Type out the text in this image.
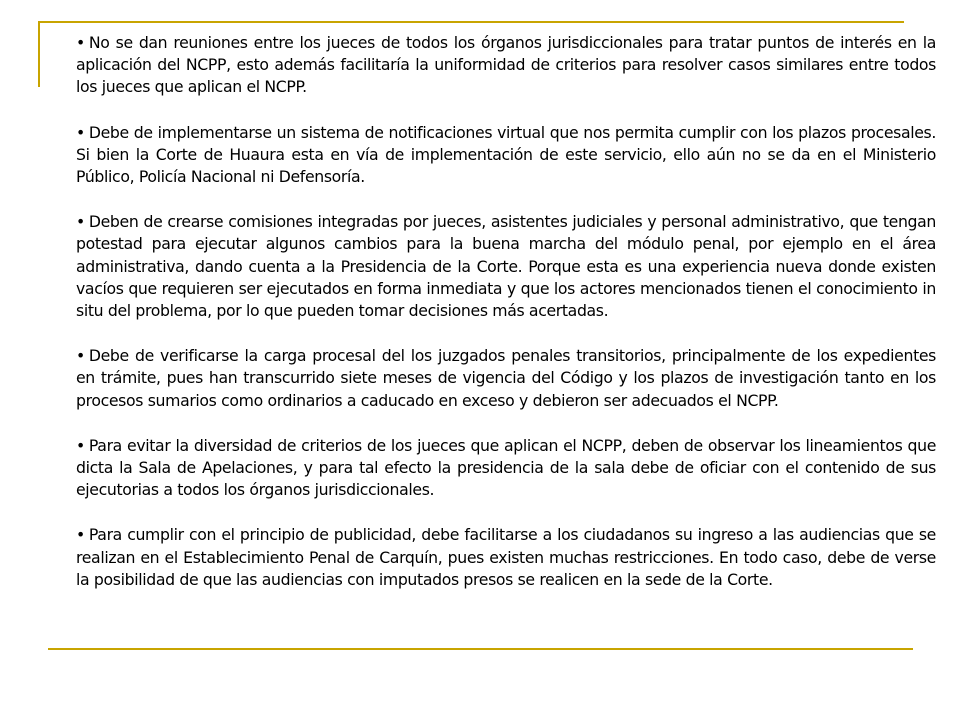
• No se dan reuniones entre los jueces de todos los órganos jurisdiccionales para tratar puntos de interés en la aplicación del NCPP, esto además facilitaría la uniformidad de criterios para resolver casos similares entre todos los jueces que aplican el NCPP.

• Debe de implementarse un sistema de notificaciones virtual que nos permita cumplir con los plazos procesales. Si bien la Corte de Huaura esta en vía de implementación de este servicio, ello aún no se da en el Ministerio Público, Policía Nacional ni Defensoría.

• Deben de crearse comisiones integradas por jueces, asistentes judiciales y personal administrativo, que tengan potestad para ejecutar algunos cambios para la buena marcha del módulo penal, por ejemplo en el área administrativa, dando cuenta a la Presidencia de la Corte. Porque esta es una experiencia nueva donde existen vacíos que requieren ser ejecutados en forma inmediata y que los actores mencionados tienen el conocimiento in situ del problema, por lo que pueden tomar decisiones más acertadas.

• Debe de verificarse la carga procesal del los juzgados penales transitorios, principalmente de los expedientes en trámite, pues han transcurrido siete meses de vigencia del Código y los plazos de investigación tanto en los procesos sumarios como ordinarios a caducado en exceso y debieron ser adecuados el NCPP.

• Para evitar la diversidad de criterios de los jueces que aplican el NCPP, deben de observar los lineamientos que dicta la Sala de Apelaciones, y para tal efecto la presidencia de la sala debe de oficiar con el contenido de sus ejecutorias a todos los órganos jurisdiccionales.

• Para cumplir con el principio de publicidad, debe facilitarse a los ciudadanos su ingreso a las audiencias que se realizan en el Establecimiento Penal de Carquín, pues existen muchas restricciones. En todo caso, debe de verse la posibilidad de que las audiencias con imputados presos se realicen en la sede de la Corte.
